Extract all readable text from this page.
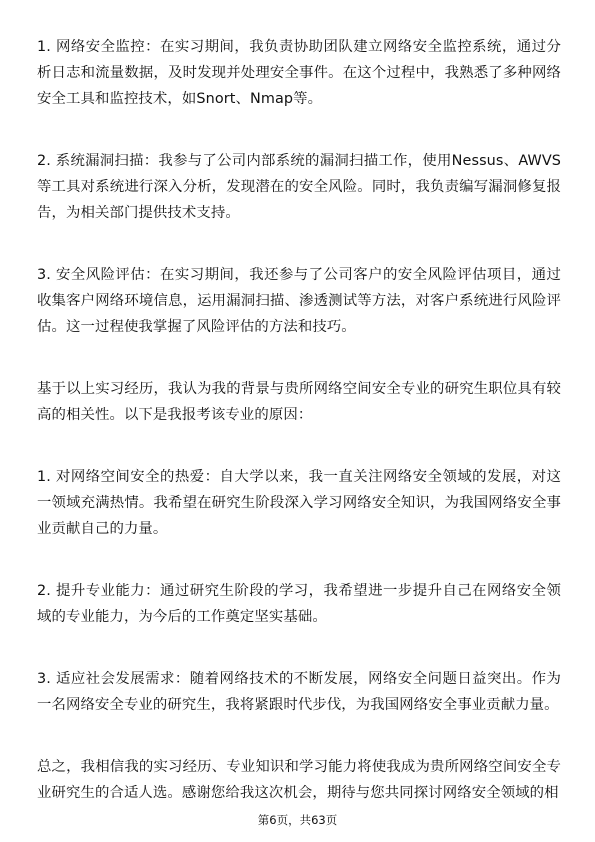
1. 网络安全监控：在实习期间，我负责协助团队建立网络安全监控系统，通过分析日志和流量数据，及时发现并处理安全事件。在这个过程中，我熟悉了多种网络安全工具和监控技术，如Snort、Nmap等。

2. 系统漏洞扫描：我参与了公司内部系统的漏洞扫描工作，使用Nessus、AWVS等工具对系统进行深入分析，发现潜在的安全风险。同时，我负责编写漏洞修复报告，为相关部门提供技术支持。

3. 安全风险评估：在实习期间，我还参与了公司客户的安全风险评估项目，通过收集客户网络环境信息，运用漏洞扫描、渗透测试等方法，对客户系统进行风险评估。这一过程使我掌握了风险评估的方法和技巧。

基于以上实习经历，我认为我的背景与贵所网络空间安全专业的研究生职位具有较高的相关性。以下是我报考该专业的原因：

1. 对网络空间安全的热爱：自大学以来，我一直关注网络安全领域的发展，对这一领域充满热情。我希望在研究生阶段深入学习网络安全知识，为我国网络安全事业贡献自己的力量。

2. 提升专业能力：通过研究生阶段的学习，我希望进一步提升自己在网络安全领域的专业能力，为今后的工作奠定坚实基础。

3. 适应社会发展需求：随着网络技术的不断发展，网络安全问题日益突出。作为一名网络安全专业的研究生，我将紧跟时代步伐，为我国网络安全事业贡献力量。

总之，我相信我的实习经历、专业知识和学习能力将使我成为贵所网络空间安全专业研究生的合适人选。感谢您给我这次机会，期待与您共同探讨网络安全领域的相

第6页，共63页
